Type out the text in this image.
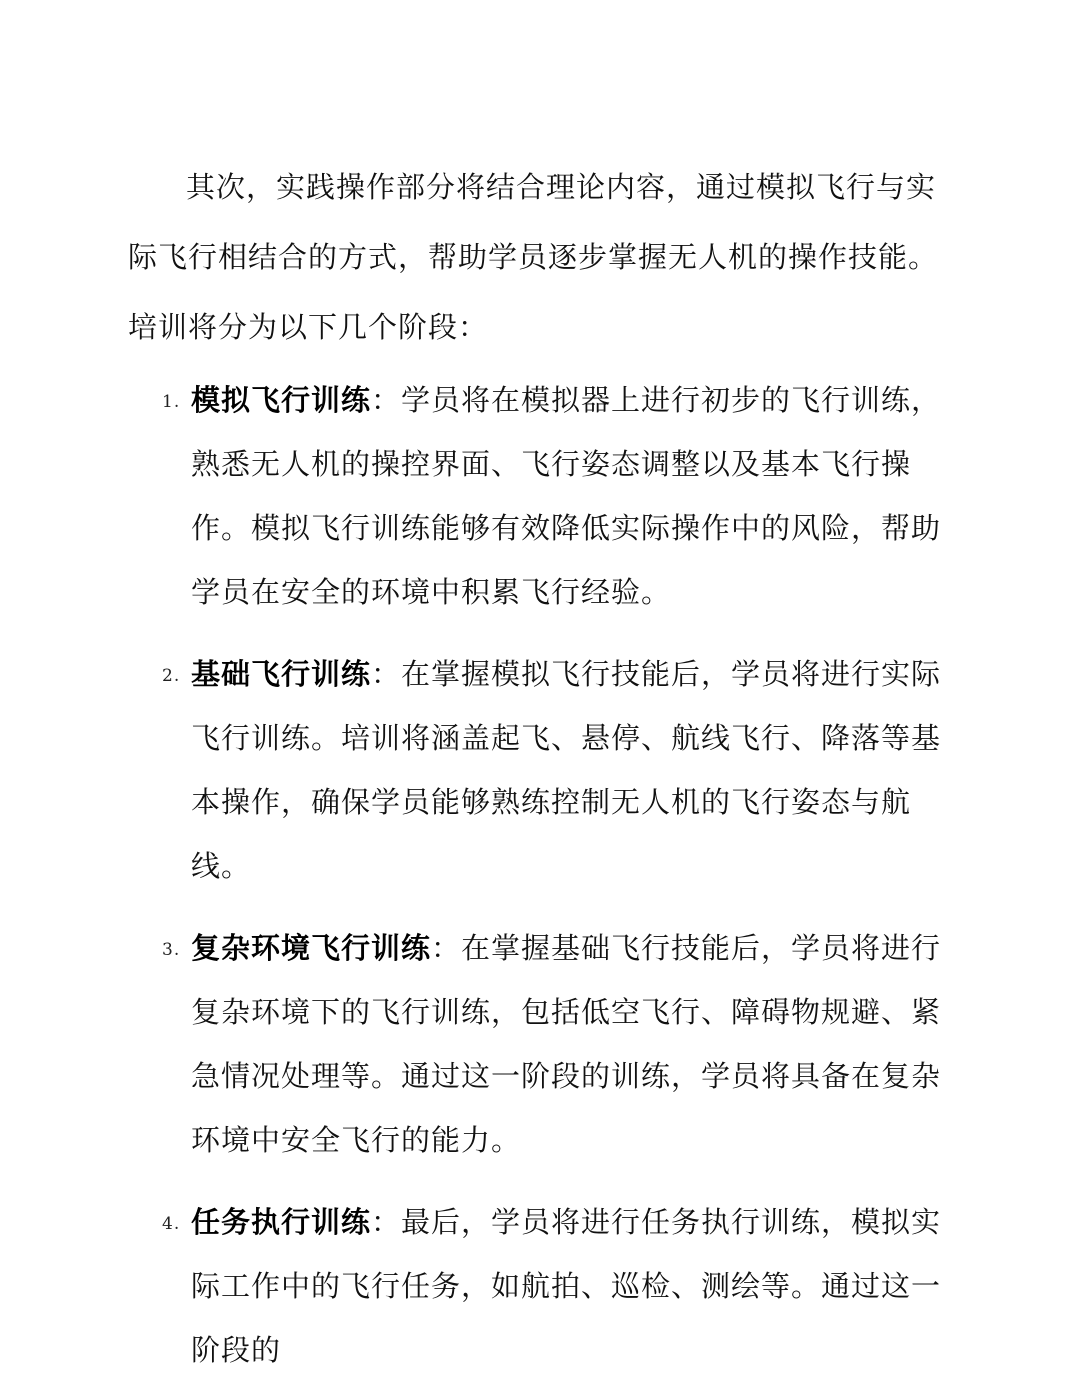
其次，实践操作部分将结合理论内容，通过模拟飞行与实际飞行相结合的方式，帮助学员逐步掌握无人机的操作技能。培训将分为以下几个阶段：

1. 模拟飞行训练：学员将在模拟器上进行初步的飞行训练，熟悉无人机的操控界面、飞行姿态调整以及基本飞行操作。模拟飞行训练能够有效降低实际操作中的风险，帮助学员在安全的环境中积累飞行经验。
2. 基础飞行训练：在掌握模拟飞行技能后，学员将进行实际飞行训练。培训将涵盖起飞、悬停、航线飞行、降落等基本操作，确保学员能够熟练控制无人机的飞行姿态与航线。
3. 复杂环境飞行训练：在掌握基础飞行技能后，学员将进行复杂环境下的飞行训练，包括低空飞行、障碍物规避、紧急情况处理等。通过这一阶段的训练，学员将具备在复杂环境中安全飞行的能力。
4. 任务执行训练：最后，学员将进行任务执行训练，模拟实际工作中的飞行任务，如航拍、巡检、测绘等。通过这一阶段的
